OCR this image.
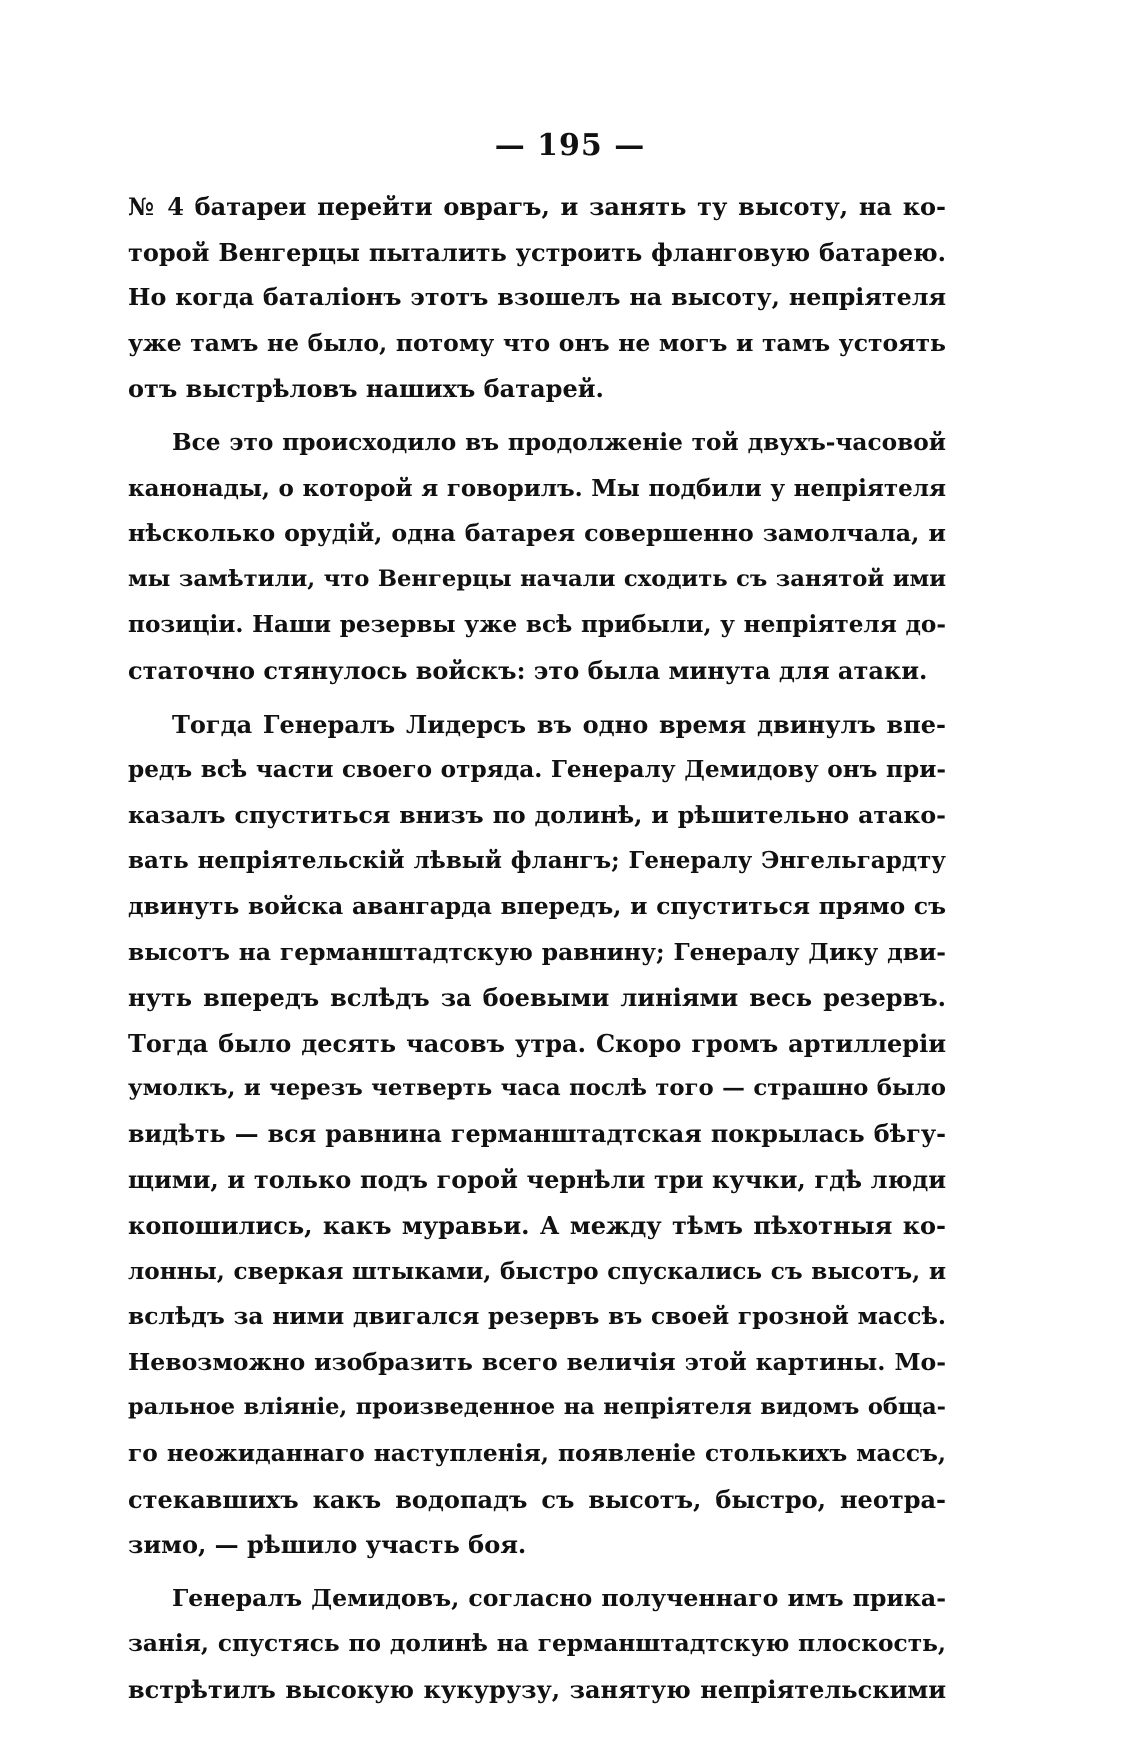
— 195 —
№ 4 батареи перейти оврагъ, и занять ту высоту, на ко-
торой Венгерцы пыталить устроить фланговую батарею.
Но когда баталіонъ этотъ взошелъ на высоту, непріятеля
уже тамъ не было, потому что онъ не могъ и тамъ устоять
отъ выстрѣловъ нашихъ батарей.
Все это происходило въ продолженіе той двухъ-часовой
канонады, о которой я говорилъ. Мы подбили у непріятеля
нѣсколько орудій, одна батарея совершенно замолчала, и
мы замѣтили, что Венгерцы начали сходить съ занятой ими
позиціи. Наши резервы уже всѣ прибыли, у непріятеля до-
статочно стянулось войскъ: это была минута для атаки.
Тогда Генералъ Лидерсъ въ одно время двинулъ впе-
редъ всѣ части своего отряда. Генералу Демидову онъ при-
казалъ спуститься внизъ по долинѣ, и рѣшительно атако-
вать непріятельскій лѣвый флангъ; Генералу Энгельгардту
двинуть войска авангарда впередъ, и спуститься прямо съ
высотъ на германштадтскую равнину; Генералу Дику дви-
нуть впередъ вслѣдъ за боевыми линіями весь резервъ.
Тогда было десять часовъ утра. Скоро громъ артиллеріи
умолкъ, и черезъ четверть часа послѣ того — страшно было
видѣть — вся равнина германштадтская покрылась бѣгу-
щими, и только подъ горой чернѣли три кучки, гдѣ люди
копошились, какъ муравьи. А между тѣмъ пѣхотныя ко-
лонны, сверкая штыками, быстро спускались съ высотъ, и
вслѣдъ за ними двигался резервъ въ своей грозной массѣ.
Невозможно изобразить всего величія этой картины. Мо-
ральное вліяніе, произведенное на непріятеля видомъ обща-
го неожиданнаго наступленія, появленіе столькихъ массъ,
стекавшихъ какъ водопадъ съ высотъ, быстро, неотра-
зимо, — рѣшило участь боя.
Генералъ Демидовъ, согласно полученнаго имъ прика-
занія, спустясь по долинѣ на германштадтскую плоскость,
встрѣтилъ высокую кукурузу, занятую непріятельскими
